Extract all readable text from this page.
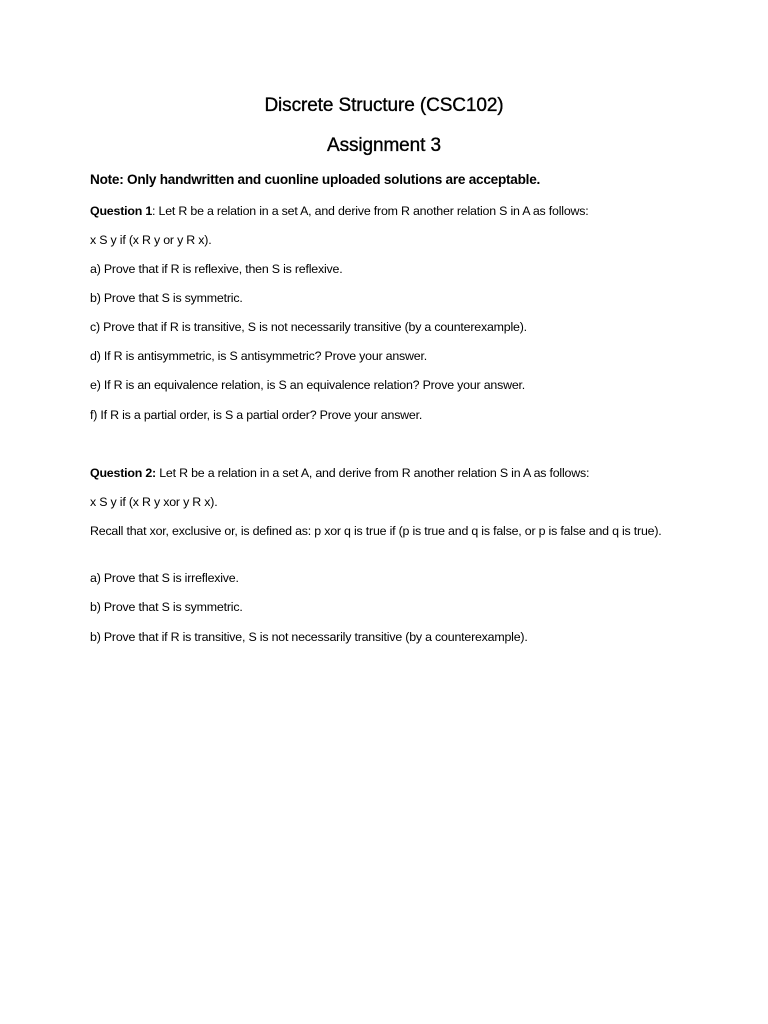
Discrete Structure (CSC102)
Assignment 3
Note: Only handwritten and cuonline uploaded solutions are acceptable.
Question 1: Let R be a relation in a set A, and derive from R another relation S in A as follows:
x S y if (x R y or y R x).
a) Prove that if R is reflexive, then S is reflexive.
b) Prove that S is symmetric.
c) Prove that if R is transitive, S is not necessarily transitive (by a counterexample).
d) If R is antisymmetric, is S antisymmetric? Prove your answer.
e) If R is an equivalence relation, is S an equivalence relation? Prove your answer.
f) If R is a partial order, is S a partial order? Prove your answer.
Question 2: Let R be a relation in a set A, and derive from R another relation S in A as follows:
x S y if (x R y xor y R x).
Recall that xor, exclusive or, is defined as: p xor q is true if (p is true and q is false, or p is false and q is true).
a) Prove that S is irreflexive.
b) Prove that S is symmetric.
b) Prove that if R is transitive, S is not necessarily transitive (by a counterexample).
